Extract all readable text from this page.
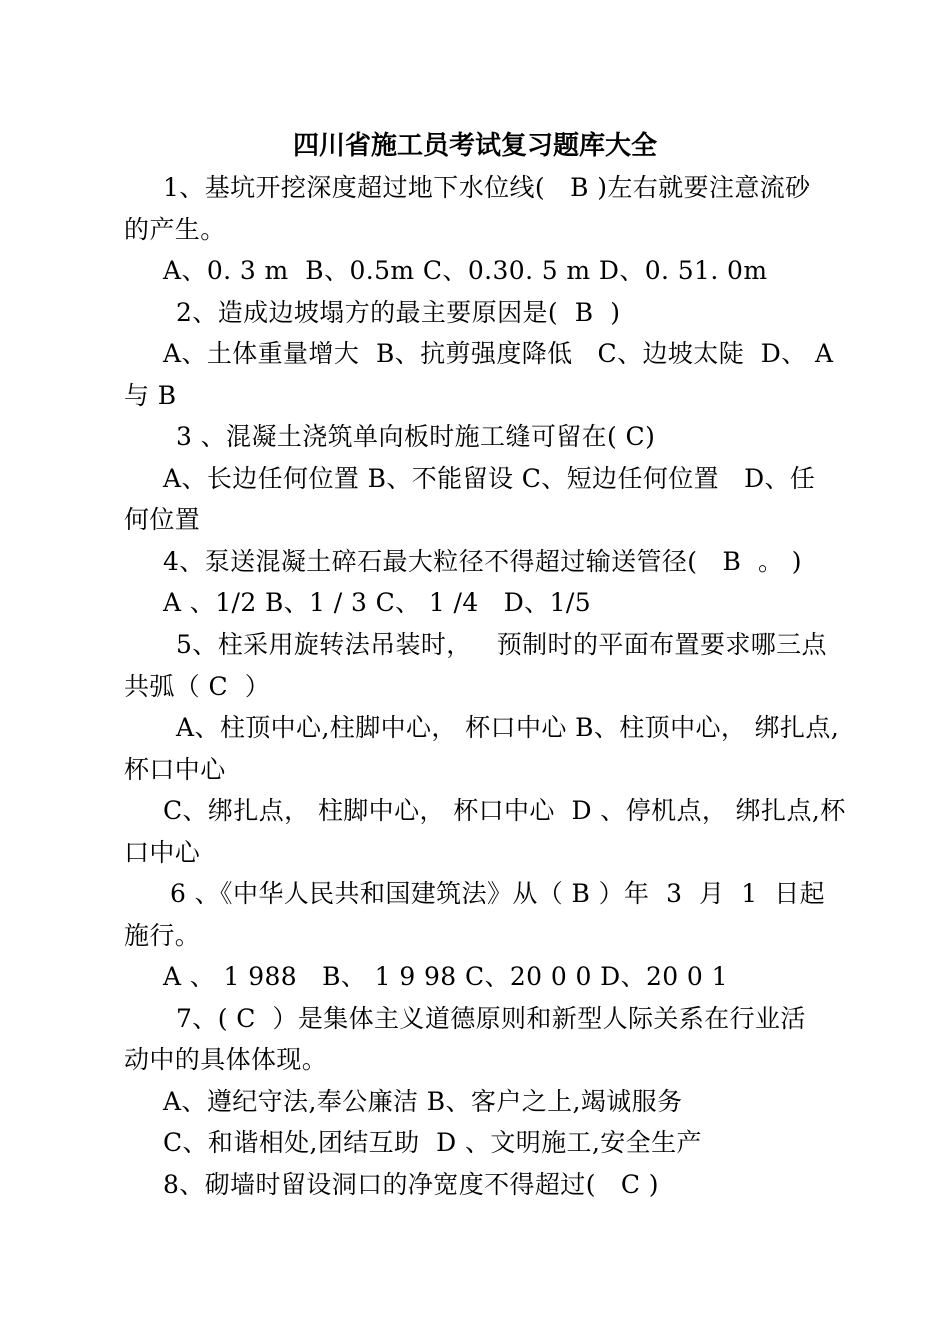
四川省施工员考试复习题库大全
1、基坑开挖深度超过地下水位线(   B )左右就要注意流砂
的产生。
A、0. 3 m  B、0.5m C、0.30. 5 m D、0. 51. 0m
2、造成边坡塌方的最主要原因是(  B  )
A、土体重量增大  B、抗剪强度降低   C、边坡太陡  D、 A
与 B
3 、混凝土浇筑单向板时施工缝可留在( C)
A、长边任何位置 B、不能留设 C、短边任何位置   D、任
何位置
4、泵送混凝土碎石最大粒径不得超过输送管径(   B  。 )
A 、1/2 B、1 / 3 C、 1 /4   D、1/5
5、柱采用旋转法吊装时，   预制时的平面布置要求哪三点
共弧（ C  ）
A、柱顶中心,柱脚中心， 杯口中心 B、柱顶中心， 绑扎点,
杯口中心
C、绑扎点， 柱脚中心， 杯口中心  D 、停机点， 绑扎点,杯
口中心
6 、《中华人民共和国建筑法》从（ B ）年  3  月  1  日起
施行。
A 、 1 988   B、 1 9 98 C、20 0 0 D、20 0 1
7、( C  ）是集体主义道德原则和新型人际关系在行业活
动中的具体体现。
A、遵纪守法,奉公廉洁 B、客户之上,竭诚服务
C、和谐相处,团结互助  D 、文明施工,安全生产
8、砌墙时留设洞口的净宽度不得超过(   C )
